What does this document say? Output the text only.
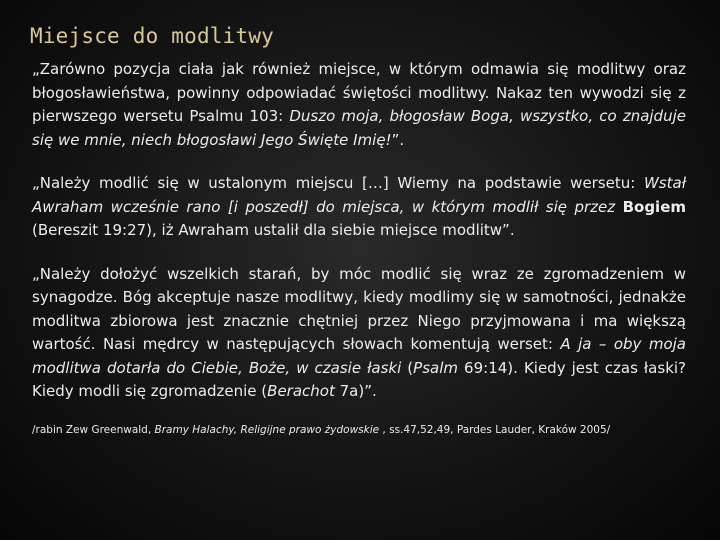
Miejsce do modlitwy

„Zarówno pozycja ciała jak również miejsce, w którym odmawia się modlitwy oraz błogosławieństwa, powinny odpowiadać świętości modlitwy. Nakaz ten wywodzi się z pierwszego wersetu Psalmu 103: Duszo moja, błogosław Boga, wszystko, co znajduje się we mnie, niech błogosławi Jego Święte Imię!”.

„Należy modlić się w ustalonym miejscu […] Wiemy na podstawie wersetu: Wstał Awraham wcześnie rano [i poszedł] do miejsca, w którym modlił się przez Bogiem (Bereszit 19:27), iż Awraham ustalił dla siebie miejsce modlitw”.

„Należy dołożyć wszelkich starań, by móc modlić się wraz ze zgromadzeniem w synagodze. Bóg akceptuje nasze modlitwy, kiedy modlimy się w samotności, jednakże modlitwa zbiorowa jest znacznie chętniej przez Niego przyjmowana i ma większą wartość. Nasi mędrcy w następujących słowach komentują werset: A ja – oby moja modlitwa dotarła do Ciebie, Boże, w czasie łaski (Psalm 69:14). Kiedy jest czas łaski? Kiedy modli się zgromadzenie (Berachot 7a)”.

/rabin Zew Greenwald, Bramy Halachy, Religijne prawo żydowskie , ss.47,52,49, Pardes Lauder, Kraków 2005/
